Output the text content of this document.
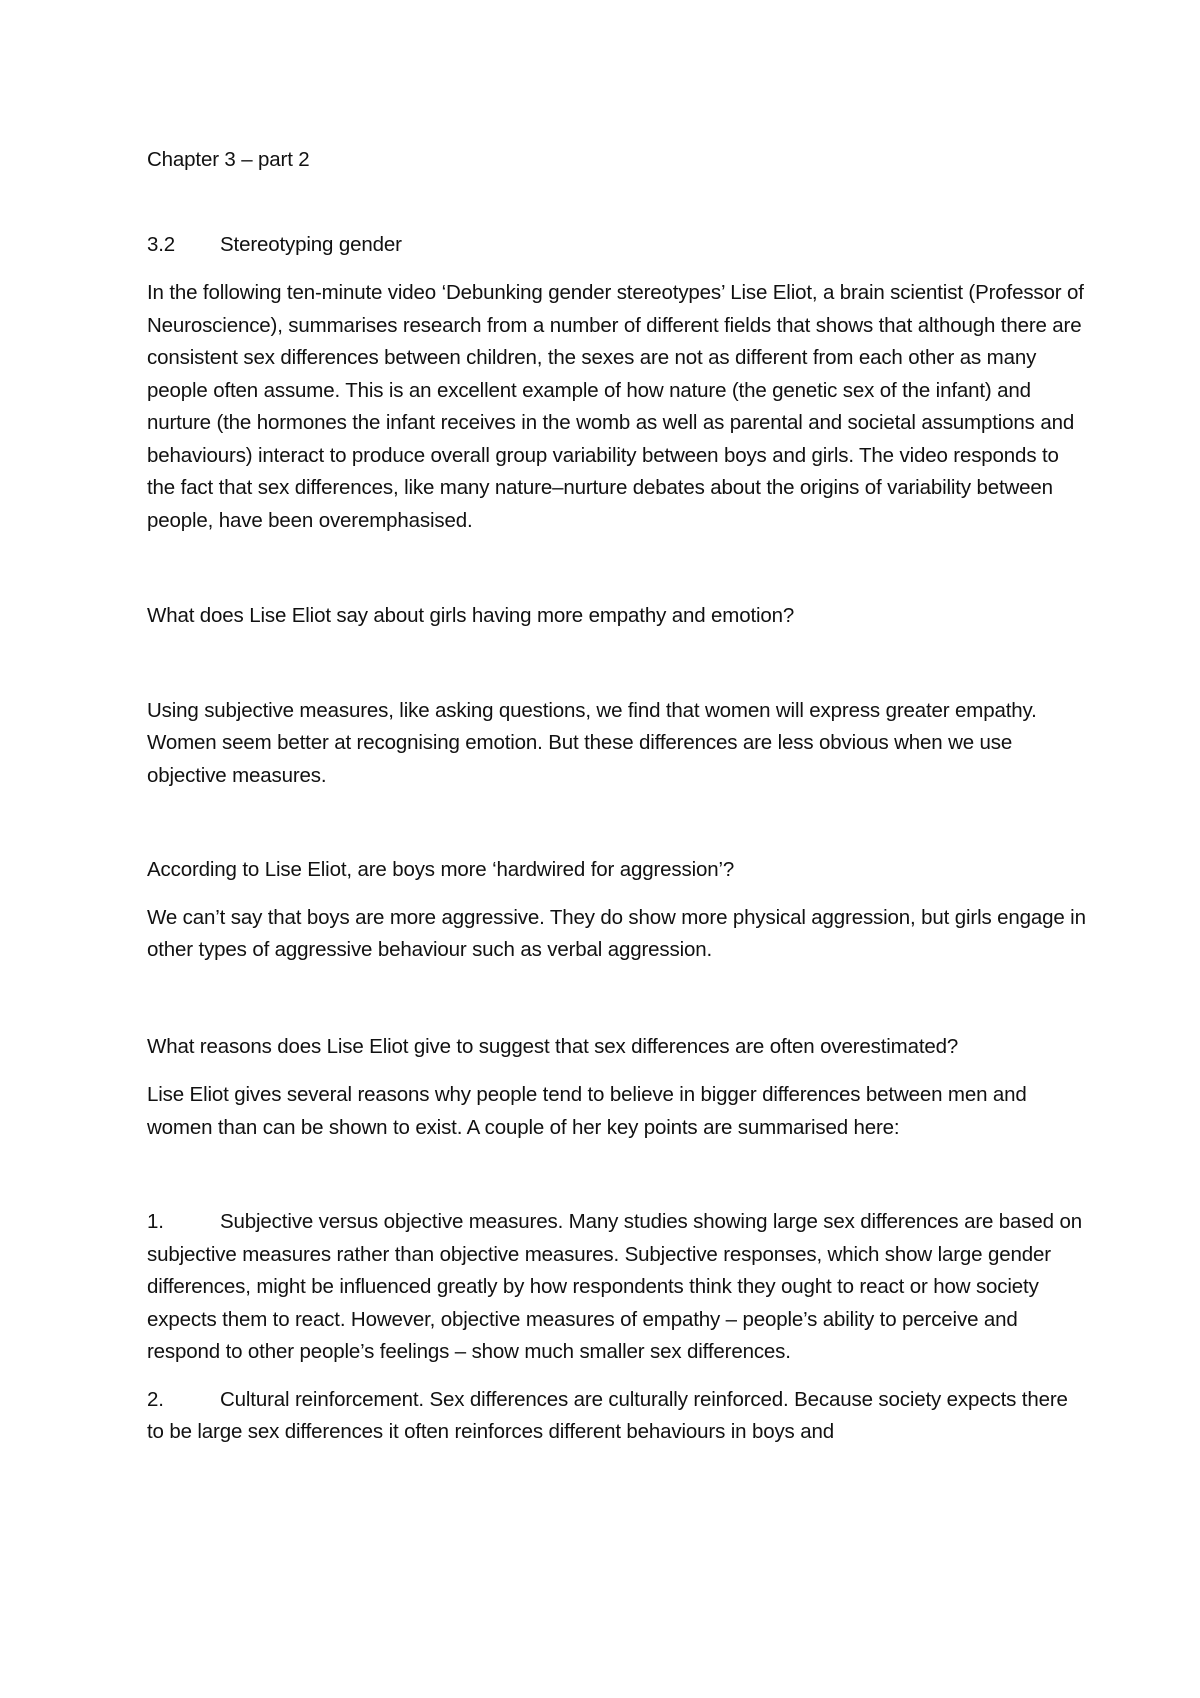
Chapter 3 – part 2

3.2 Stereotyping gender

In the following ten-minute video ‘Debunking gender stereotypes’ Lise Eliot, a brain scientist (Professor of Neuroscience), summarises research from a number of different fields that shows that although there are consistent sex differences between children, the sexes are not as different from each other as many people often assume. This is an excellent example of how nature (the genetic sex of the infant) and nurture (the hormones the infant receives in the womb as well as parental and societal assumptions and behaviours) interact to produce overall group variability between boys and girls. The video responds to the fact that sex differences, like many nature–nurture debates about the origins of variability between people, have been overemphasised.

What does Lise Eliot say about girls having more empathy and emotion?

Using subjective measures, like asking questions, we find that women will express greater empathy. Women seem better at recognising emotion. But these differences are less obvious when we use objective measures.

According to Lise Eliot, are boys more ‘hardwired for aggression’?

We can’t say that boys are more aggressive. They do show more physical aggression, but girls engage in other types of aggressive behaviour such as verbal aggression.

What reasons does Lise Eliot give to suggest that sex differences are often overestimated?

Lise Eliot gives several reasons why people tend to believe in bigger differences between men and women than can be shown to exist. A couple of her key points are summarised here:

1.	Subjective versus objective measures. Many studies showing large sex differences are based on subjective measures rather than objective measures. Subjective responses, which show large gender differences, might be influenced greatly by how respondents think they ought to react or how society expects them to react. However, objective measures of empathy – people’s ability to perceive and respond to other people’s feelings – show much smaller sex differences.

2.	Cultural reinforcement. Sex differences are culturally reinforced. Because society expects there to be large sex differences it often reinforces different behaviours in boys and
